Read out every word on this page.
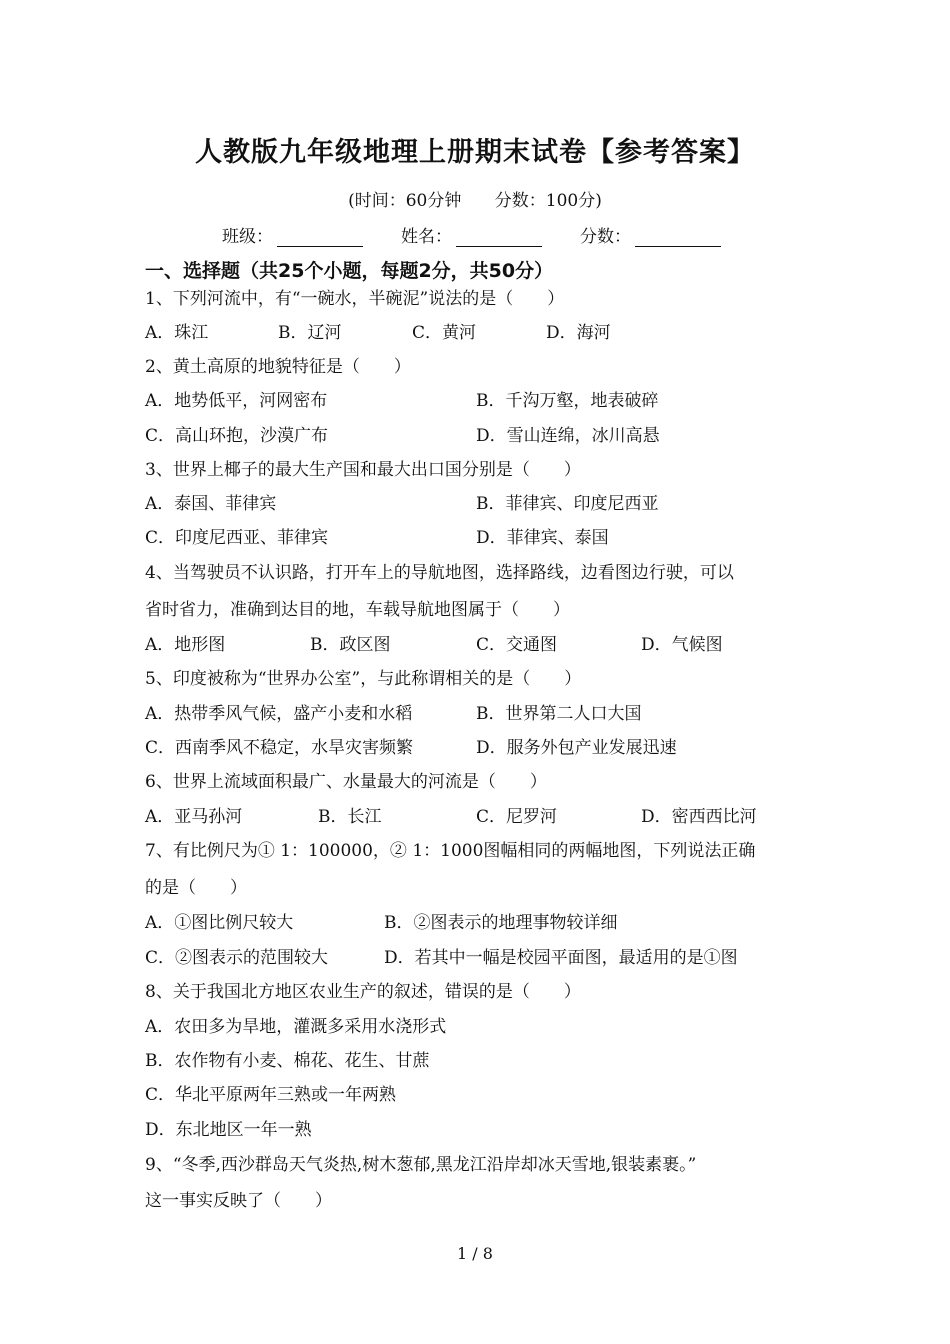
人教版九年级地理上册期末试卷【参考答案】
(时间：60分钟 分数：100分)
班级：	姓名：	分数：
一、选择题（共25个小题，每题2分，共50分）
1、下列河流中，有“一碗水，半碗泥”说法的是（　　）
A．珠江	B．辽河	C．黄河	D．海河
2、黄土高原的地貌特征是（　　）
A．地势低平，河网密布	B．千沟万壑，地表破碎
C．高山环抱，沙漠广布	D．雪山连绵，冰川高悬
3、世界上椰子的最大生产国和最大出口国分别是（　　）
A．泰国、菲律宾	B．菲律宾、印度尼西亚
C．印度尼西亚、菲律宾	D．菲律宾、泰国
4、当驾驶员不认识路，打开车上的导航地图，选择路线，边看图边行驶，可以
省时省力，准确到达目的地，车载导航地图属于（　　）
A．地形图	B．政区图	C．交通图	D．气候图
5、印度被称为“世界办公室”，与此称谓相关的是（　　）
A．热带季风气候，盛产小麦和水稻	B．世界第二人口大国
C．西南季风不稳定，水旱灾害频繁	D．服务外包产业发展迅速
6、世界上流域面积最广、水量最大的河流是（　　）
A．亚马孙河	B．长江	C．尼罗河	D．密西西比河
7、有比例尺为① 1：100000，② 1：1000图幅相同的两幅地图，下列说法正确
的是（　　）
A．①图比例尺较大	B．②图表示的地理事物较详细
C．②图表示的范围较大	D．若其中一幅是校园平面图，最适用的是①图
8、关于我国北方地区农业生产的叙述，错误的是（　　）
A．农田多为旱地，灌溉多采用水浇形式
B．农作物有小麦、棉花、花生、甘蔗
C．华北平原两年三熟或一年两熟
D．东北地区一年一熟
9、“冬季,西沙群岛天气炎热,树木葱郁,黑龙江沿岸却冰天雪地,银装素裹。”
这一事实反映了（　　）
1 / 8
